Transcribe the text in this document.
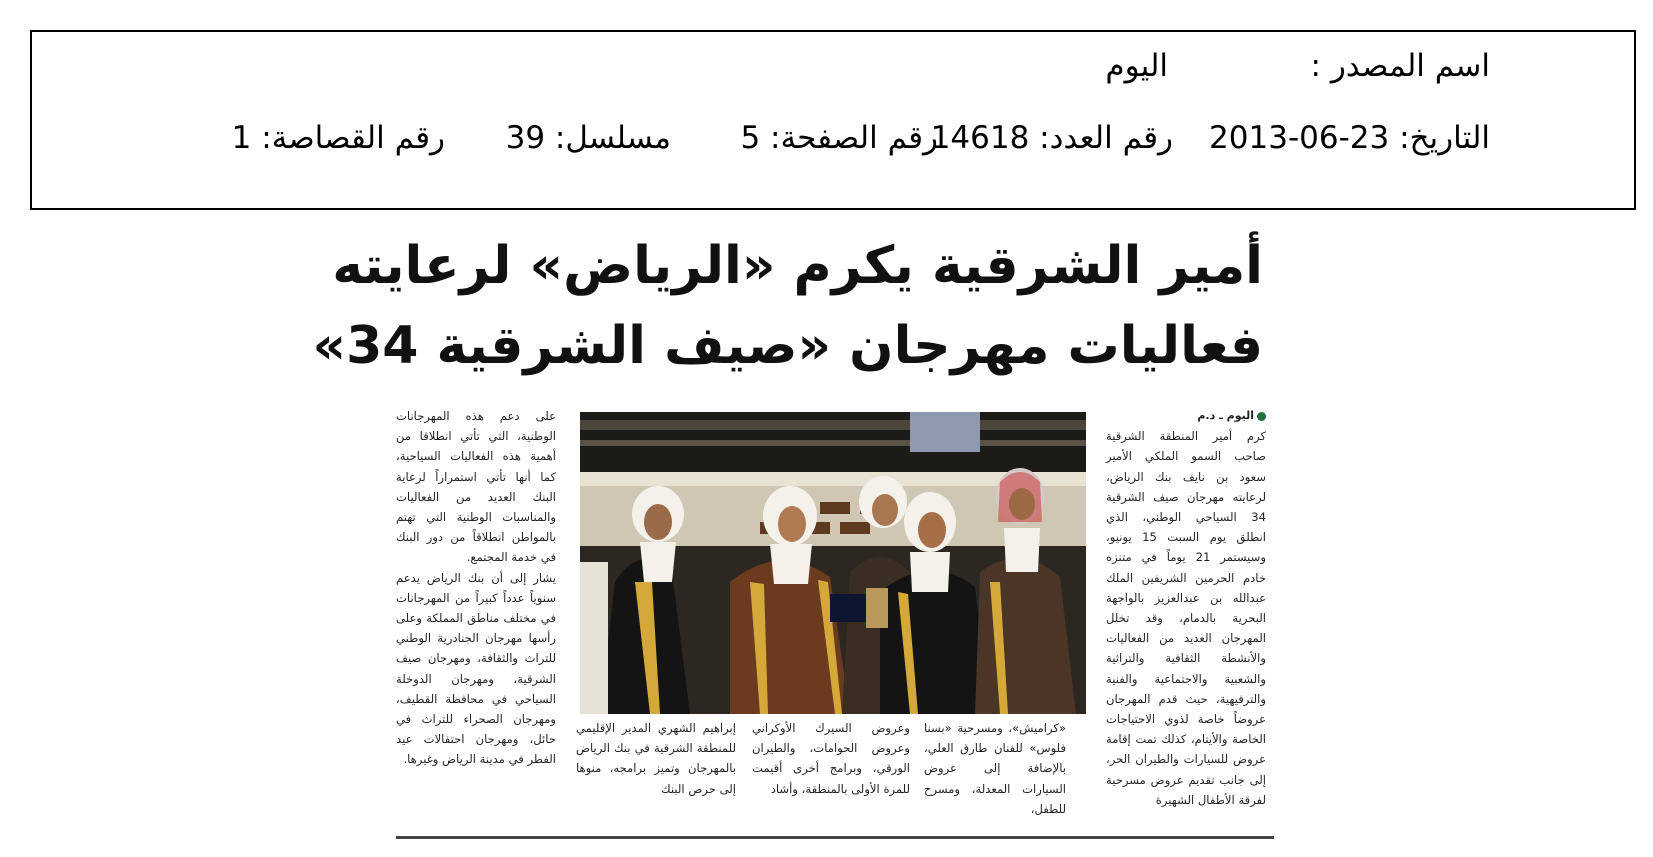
اسم المصدر :
اليوم
التاريخ: 23-06-2013
رقم العدد: 14618
رقم الصفحة: 5
مسلسل: 39
رقم القصاصة: 1
أمير الشرقية يكرم «الرياض» لرعايته
فعاليات مهرجان «صيف الشرقية 34»

اليوم ـ د.م

كرم أمير المنطقة الشرقية صاحب السمو الملكي الأمير سعود بن نايف بنك الرياض، لرعايته مهرجان صيف الشرقية 34 السياحي الوطني، الذي انطلق يوم السبت 15 يونيو، وسيستمر 21 يوماً في متنزه خادم الحرمين الشريفين الملك عبدالله بن عبدالعزيز بالواجهة البحرية بالدمام، وقد تخلل المهرجان العديد من الفعاليات والأنشطة الثقافية والتراثية والشعبية والاجتماعية والفنية والترفيهية، حيث قدم المهرجان عروضاً خاصة لذوي الاحتياجات الخاصة والأيتام، كذلك تمت إقامة عروض للسيارات والطيران الحر، إلى جانب تقديم عروض مسرحية لفرقة الأطفال الشهيرة

«كراميش»، ومسرحية «بسنا فلوس» للفنان طارق العلي، بالإضافة إلى عروض السيارات المعدلة، ومسرح للطفل،

وعروض السيرك الأوكراني وعروض الحوامات، والطيران الورقي، وبرامج أخرى أقيمت للمرة الأولى بالمنطقة، وأشاد

إبراهيم الشهري المدير الإقليمي للمنطقة الشرقية في بنك الرياض بالمهرجان وتميز برامجه، منوها إلى حرص البنك

على دعم هذه المهرجانات الوطنية، التي تأتي انطلاقا من أهمية هذه الفعاليات السياحية، كما أنها تأتي استمراراً لرعاية البنك العديد من الفعاليات والمناسبات الوطنية التي تهتم بالمواطن انطلاقاً من دور البنك في خدمة المجتمع.

يشار إلى أن بنك الرياض يدعم سنوياً عدداً كبيراً من المهرجانات في مختلف مناطق المملكة وعلى رأسها مهرجان الجنادرية الوطني للتراث والثقافة، ومهرجان صيف الشرقية، ومهرجان الدوخلة السياحي في محافظة القطيف، ومهرجان الصحراء للتراث في حائل، ومهرجان احتفالات عيد الفطر في مدينة الرياض وغيرها.
